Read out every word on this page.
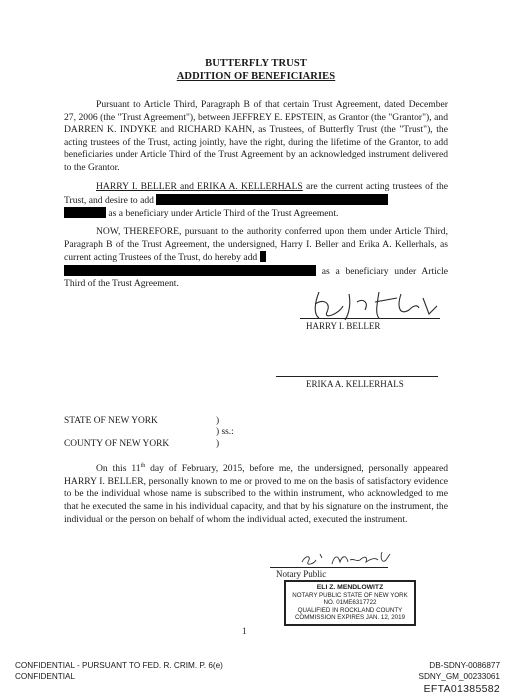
BUTTERFLY TRUST
ADDITION OF BENEFICIARIES

Pursuant to Article Third, Paragraph B of that certain Trust Agreement, dated December 27, 2006 (the "Trust Agreement"), between JEFFREY E. EPSTEIN, as Grantor (the "Grantor"), and DARREN K. INDYKE and RICHARD KAHN, as Trustees, of Butterfly Trust (the "Trust"), the acting trustees of the Trust, acting jointly, have the right, during the lifetime of the Grantor, to add beneficiaries under Article Third of the Trust Agreement by an acknowledged instrument delivered to the Grantor.

HARRY I. BELLER and ERIKA A. KELLERHALS are the current acting trustees of the Trust, and desire to add
as a beneficiary under Article Third of the Trust Agreement.

NOW, THEREFORE, pursuant to the authority conferred upon them under Article Third, Paragraph B of the Trust Agreement, the undersigned, Harry I. Beller and Erika A. Kellerhals, as current acting Trustees of the Trust, do hereby add
as a beneficiary under Article Third of the Trust Agreement.

HARRY I. BELLER
ERIKA A. KELLERHALS
STATE OF NEW YORK	)
) ss.:
COUNTY OF NEW YORK	)

On this 11th day of February, 2015, before me, the undersigned, personally appeared HARRY I. BELLER, personally known to me or proved to me on the basis of satisfactory evidence to be the individual whose name is subscribed to the within instrument, who acknowledged to me that he executed the same in his individual capacity, and that by his signature on the instrument, the individual or the person on behalf of whom the individual acted, executed the instrument.

Notary Public
ELI Z. MENDLOWITZ
NOTARY PUBLIC STATE OF NEW YORK
NO. 01ME6317722
QUALIFIED IN ROCKLAND COUNTY
COMMISSION EXPIRES JAN. 12, 2019
1
CONFIDENTIAL - PURSUANT TO FED. R. CRIM. P. 6(e)
CONFIDENTIAL
DB-SDNY-0086877
SDNY_GM_00233061
EFTA01385582
